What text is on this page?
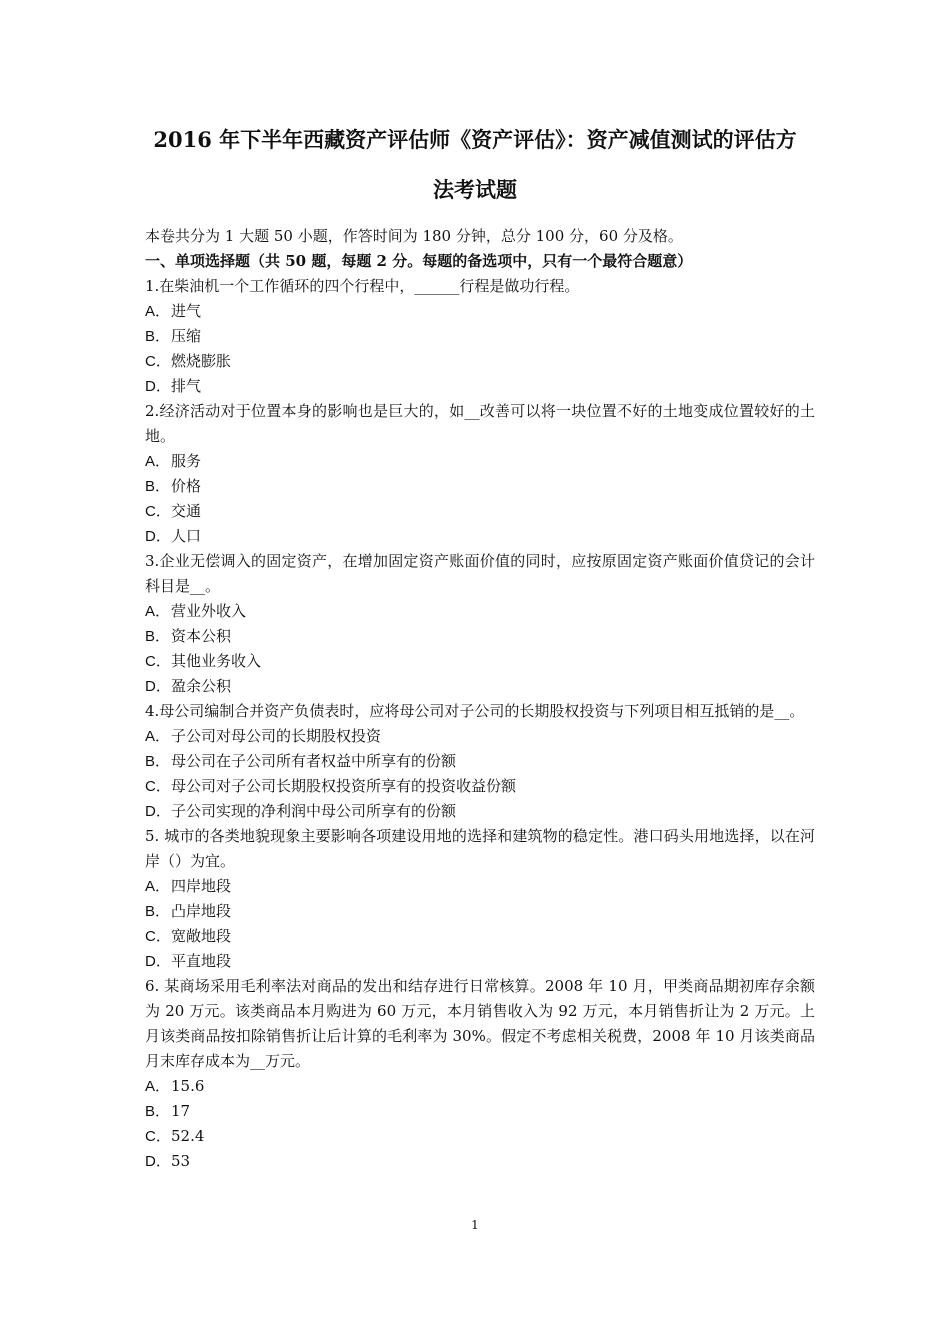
2016 年下半年西藏资产评估师《资产评估》：资产减值测试的评估方
法考试题
本卷共分为 1 大题 50 小题，作答时间为 180 分钟，总分 100 分，60 分及格。
一、单项选择题（共 50 题，每题 2 分。每题的备选项中，只有一个最符合题意）
1.在柴油机一个工作循环的四个行程中，______行程是做功行程。
A．进气
B．压缩
C．燃烧膨胀
D．排气
2.经济活动对于位置本身的影响也是巨大的，如__改善可以将一块位置不好的土地变成位置较好的土地。
A．服务
B．价格
C．交通
D．人口
3.企业无偿调入的固定资产，在增加固定资产账面价值的同时，应按原固定资产账面价值贷记的会计科目是__。
A．营业外收入
B．资本公积
C．其他业务收入
D．盈余公积
4.母公司编制合并资产负债表时，应将母公司对子公司的长期股权投资与下列项目相互抵销的是__。
A．子公司对母公司的长期股权投资
B．母公司在子公司所有者权益中所享有的份额
C．母公司对子公司长期股权投资所享有的投资收益份额
D．子公司实现的净利润中母公司所享有的份额
5. 城市的各类地貌现象主要影响各项建设用地的选择和建筑物的稳定性。港口码头用地选择，以在河岸（）为宜。
A．四岸地段
B．凸岸地段
C．宽敞地段
D．平直地段
6. 某商场采用毛利率法对商品的发出和结存进行日常核算。2008 年 10 月，甲类商品期初库存余额为 20 万元。该类商品本月购进为 60 万元，本月销售收入为 92 万元，本月销售折让为 2 万元。上月该类商品按扣除销售折让后计算的毛利率为 30%。假定不考虑相关税费，2008 年 10 月该类商品月末库存成本为__万元。
A．15.6
B．17
C．52.4
D．53
1
